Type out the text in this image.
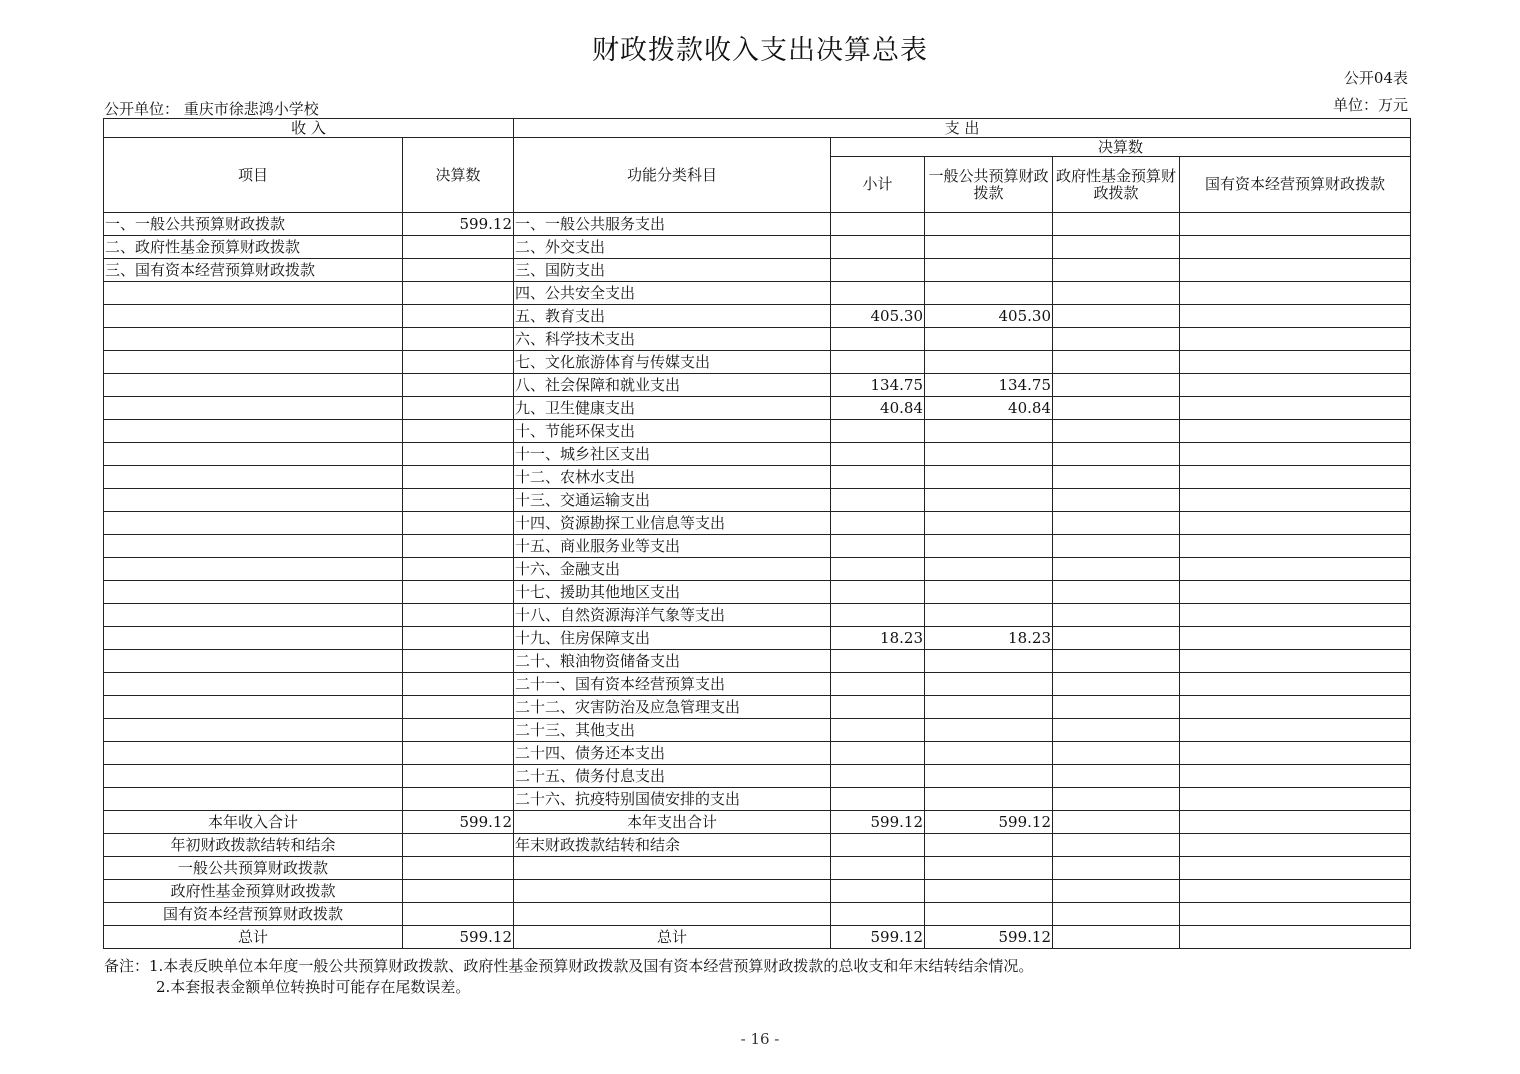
财政拨款收入支出决算总表
公开04表
公开单位： 重庆市徐悲鸿小学校	单位：万元
收 入		支 出				
项目	决算数	功能分类科目	决算数			
			小计	一般公共预算财政拨款	政府性基金预算财政拨款	国有资本经营预算财政拨款
一、一般公共预算财政拨款	599.12	一、一般公共服务支出				
二、政府性基金预算财政拨款		二、外交支出				
三、国有资本经营预算财政拨款		三、国防支出				
		四、公共安全支出				
		五、教育支出	405.30	405.30		
		六、科学技术支出				
		七、文化旅游体育与传媒支出				
		八、社会保障和就业支出	134.75	134.75		
		九、卫生健康支出	40.84	40.84		
		十、节能环保支出				
		十一、城乡社区支出				
		十二、农林水支出				
		十三、交通运输支出				
		十四、资源勘探工业信息等支出				
		十五、商业服务业等支出				
		十六、金融支出				
		十七、援助其他地区支出				
		十八、自然资源海洋气象等支出				
		十九、住房保障支出	18.23	18.23		
		二十、粮油物资储备支出				
		二十一、国有资本经营预算支出				
		二十二、灾害防治及应急管理支出				
		二十三、其他支出				
		二十四、债务还本支出				
		二十五、债务付息支出				
		二十六、抗疫特别国债安排的支出				
本年收入合计	599.12	本年支出合计	599.12	599.12		
年初财政拨款结转和结余		年末财政拨款结转和结余				
一般公共预算财政拨款						
政府性基金预算财政拨款						
国有资本经营预算财政拨款						
总计	599.12	总计	599.12	599.12		
备注：1.本表反映单位本年度一般公共预算财政拨款、政府性基金预算财政拨款及国有资本经营预算财政拨款的总收支和年末结转结余情况。
2.本套报表金额单位转换时可能存在尾数误差。
- 16 -
